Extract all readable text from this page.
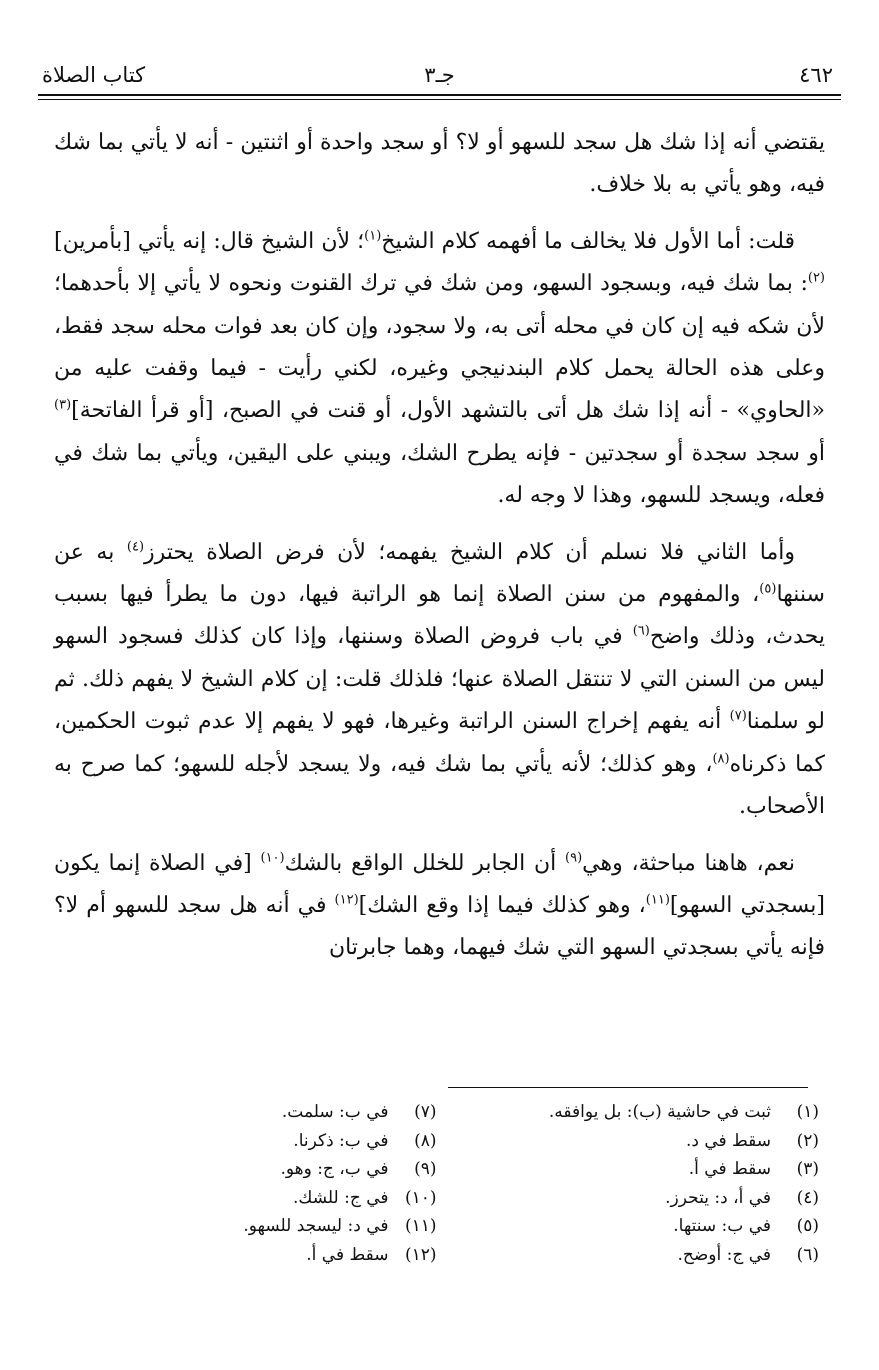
٤٦٢
جـ٣
كتاب الصلاة

يقتضي أنه إذا شك هل سجد للسهو أو لا؟ أو سجد واحدة أو اثنتين - أنه لا يأتي بما شك فيه، وهو يأتي به بلا خلاف.

قلت: أما الأول فلا يخالف ما أفهمه كلام الشيخ$^{(١)}$؛ لأن الشيخ قال: إنه يأتي [بأمرين]$^{(٢)}$: بما شك فيه، وبسجود السهو، ومن شك في ترك القنوت ونحوه لا يأتي إلا بأحدهما؛ لأن شكه فيه إن كان في محله أتى به، ولا سجود، وإن كان بعد فوات محله سجد فقط، وعلى هذه الحالة يحمل كلام البندنيجي وغيره، لكني رأيت - فيما وقفت عليه من «الحاوي» - أنه إذا شك هل أتى بالتشهد الأول، أو قنت في الصبح، [أو قرأ الفاتحة]$^{(٣)}$ أو سجد سجدة أو سجدتين - فإنه يطرح الشك، ويبني على اليقين، ويأتي بما شك في فعله، ويسجد للسهو، وهذا لا وجه له.

وأما الثاني فلا نسلم أن كلام الشيخ يفهمه؛ لأن فرض الصلاة يحترز$^{(٤)}$ به عن سننها$^{(٥)}$، والمفهوم من سنن الصلاة إنما هو الراتبة فيها، دون ما يطرأ فيها بسبب يحدث، وذلك واضح$^{(٦)}$ في باب فروض الصلاة وسننها، وإذا كان كذلك فسجود السهو ليس من السنن التي لا تنتقل الصلاة عنها؛ فلذلك قلت: إن كلام الشيخ لا يفهم ذلك. ثم لو سلمنا$^{(٧)}$ أنه يفهم إخراج السنن الراتبة وغيرها، فهو لا يفهم إلا عدم ثبوت الحكمين، كما ذكرناه$^{(٨)}$، وهو كذلك؛ لأنه يأتي بما شك فيه، ولا يسجد لأجله للسهو؛ كما صرح به الأصحاب.

نعم، هاهنا مباحثة، وهي$^{(٩)}$ أن الجابر للخلل الواقع بالشك$^{(١٠)}$ [في الصلاة إنما يكون [بسجدتي السهو]$^{(١١)}$، وهو كذلك فيما إذا وقع الشك]$^{(١٢)}$ في أنه هل سجد للسهو أم لا؟ فإنه يأتي بسجدتي السهو التي شك فيهما، وهما جابرتان

(١)ثبت في حاشية (ب): بل يوافقه.
(٢)سقط في د.
(٣)سقط في أ.
(٤)في أ، د: يتحرز.
(٥)في ب: سنتها.
(٦)في ج: أوضح.
(٧)في ب: سلمت.
(٨)في ب: ذكرنا.
(٩)في ب، ج: وهو.
(١٠)في ج: للشك.
(١١)في د: ليسجد للسهو.
(١٢)سقط في أ.
